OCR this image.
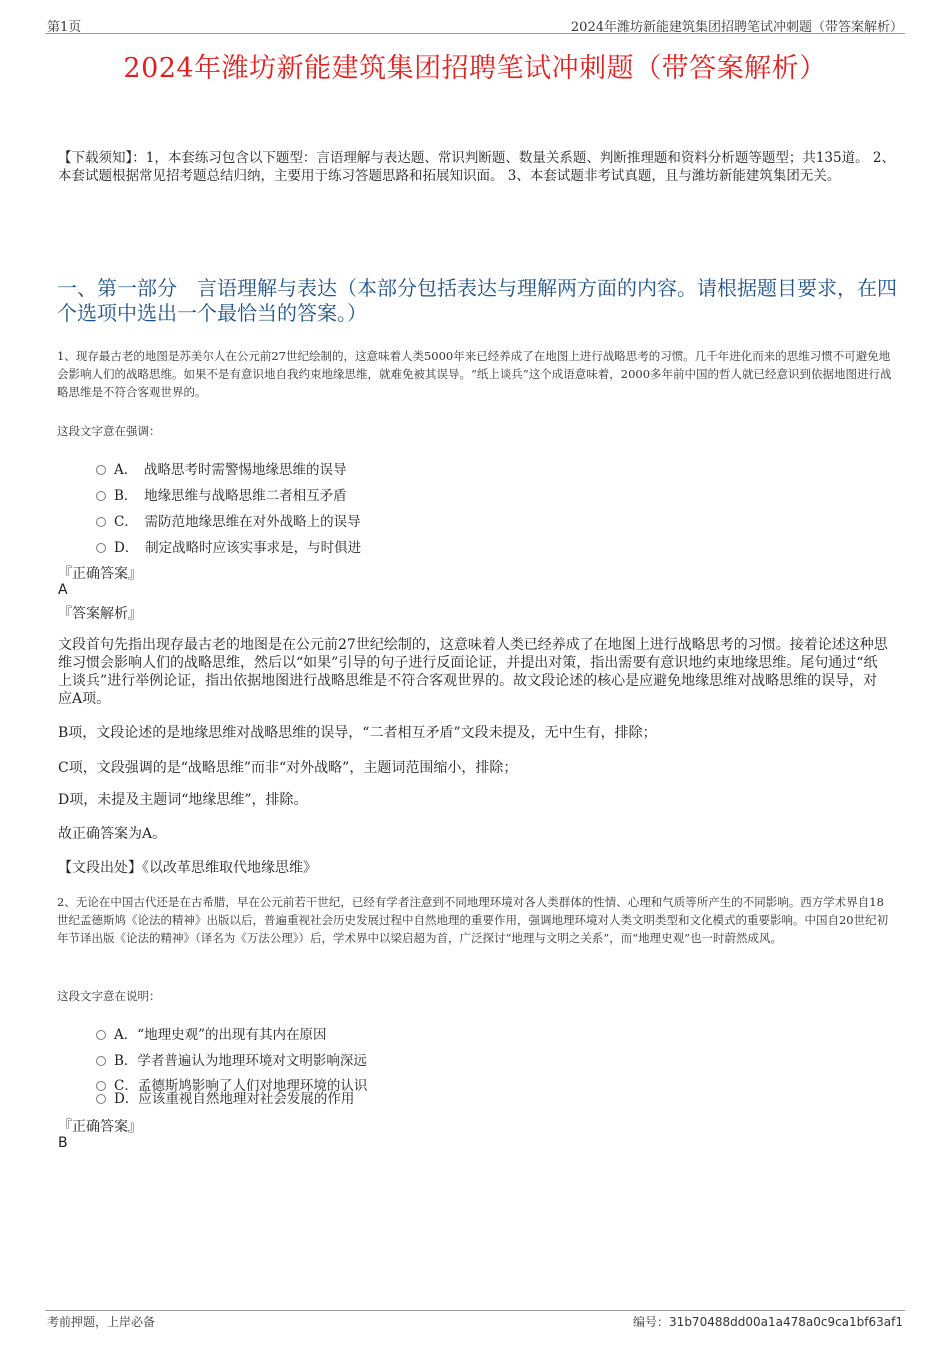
第1页	2024年潍坊新能建筑集团招聘笔试冲刺题（带答案解析）
2024年潍坊新能建筑集团招聘笔试冲刺题（带答案解析）
【下载须知】：1，本套练习包含以下题型：言语理解与表达题、常识判断题、数量关系题、判断推理题和资料分析题等题型；共135道。 2、本套试题根据常见招考题总结归纳，主要用于练习答题思路和拓展知识面。 3、本套试题非考试真题，且与潍坊新能建筑集团无关。
一、第一部分　言语理解与表达（本部分包括表达与理解两方面的内容。请根据题目要求，在四个选项中选出一个最恰当的答案。）
1、现存最古老的地图是苏美尔人在公元前27世纪绘制的，这意味着人类5000年来已经养成了在地图上进行战略思考的习惯。几千年进化而来的思维习惯不可避免地会影响人们的战略思维。如果不是有意识地自我约束地缘思维，就难免被其误导。“纸上谈兵”这个成语意味着，2000多年前中国的哲人就已经意识到依据地图进行战略思维是不符合客观世界的。
这段文字意在强调：
A．　战略思考时需警惕地缘思维的误导
B．　地缘思维与战略思维二者相互矛盾
C．　需防范地缘思维在对外战略上的误导
D．　制定战略时应该实事求是，与时俱进
『正确答案』
A
『答案解析』
文段首句先指出现存最古老的地图是在公元前27世纪绘制的，这意味着人类已经养成了在地图上进行战略思考的习惯。接着论述这种思维习惯会影响人们的战略思维，然后以“如果”引导的句子进行反面论证，并提出对策，指出需要有意识地约束地缘思维。尾句通过“纸上谈兵”进行举例论证，指出依据地图进行战略思维是不符合客观世界的。故文段论述的核心是应避免地缘思维对战略思维的误导，对应A项。
B项，文段论述的是地缘思维对战略思维的误导，“二者相互矛盾”文段未提及，无中生有，排除；
C项，文段强调的是“战略思维”而非“对外战略”，主题词范围缩小，排除；
D项，未提及主题词“地缘思维”，排除。
故正确答案为A。
【文段出处】《以改革思维取代地缘思维》
2、无论在中国古代还是在古希腊，早在公元前若干世纪，已经有学者注意到不同地理环境对各人类群体的性情、心理和气质等所产生的不同影响。西方学术界自18世纪孟德斯鸠《论法的精神》出版以后，普遍重视社会历史发展过程中自然地理的重要作用，强调地理环境对人类文明类型和文化模式的重要影响。中国自20世纪初年节译出版《论法的精神》（译名为《万法公理》）后，学术界中以梁启超为首，广泛探讨“地理与文明之关系”，而“地理史观”也一时蔚然成风。
这段文字意在说明：
A．“地理史观”的出现有其内在原因
B．学者普遍认为地理环境对文明影响深远
C．孟德斯鸠影响了人们对地理环境的认识
D．应该重视自然地理对社会发展的作用
『正确答案』
B
考前押题，上岸必备	编号：31b70488dd00a1a478a0c9ca1bf63af1
